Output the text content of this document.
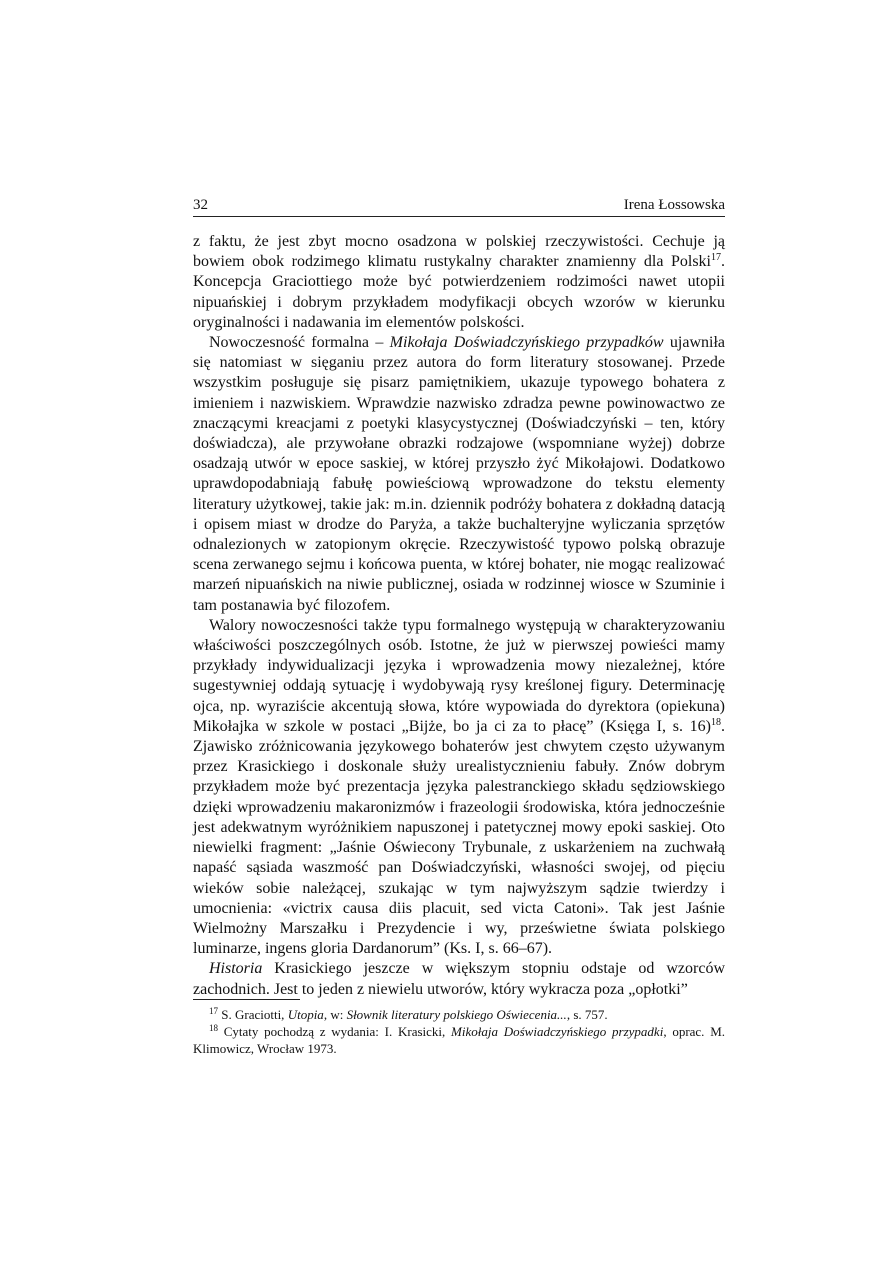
32	Irena Łossowska

z faktu, że jest zbyt mocno osadzona w polskiej rzeczywistości. Cechuje ją bowiem obok rodzimego klimatu rustykalny charakter znamienny dla Polski$^{17}$. Koncepcja Graciottiego może być potwierdzeniem rodzimości nawet utopii nipuańskiej i dobrym przykładem modyfikacji obcych wzorów w kierunku oryginalności i nadawania im elementów polskości.

Nowoczesność formalna – Mikołaja Doświadczyńskiego przypadków ujawniła się natomiast w sięganiu przez autora do form literatury stosowanej. Przede wszystkim posługuje się pisarz pamiętnikiem, ukazuje typowego bohatera z imieniem i nazwiskiem. Wprawdzie nazwisko zdradza pewne powinowactwo ze znaczącymi kreacjami z poetyki klasycystycznej (Doświadczyński – ten, który doświadcza), ale przywołane obrazki rodzajowe (wspomniane wyżej) dobrze osadzają utwór w epoce saskiej, w której przyszło żyć Mikołajowi. Dodatkowo uprawdopodabniają fabułę powieściową wprowadzone do tekstu elementy literatury użytkowej, takie jak: m.in. dziennik podróży bohatera z dokładną datacją i opisem miast w drodze do Paryża, a także buchalteryjne wyliczania sprzętów odnalezionych w zatopionym okręcie. Rzeczywistość typowo polską obrazuje scena zerwanego sejmu i końcowa puenta, w której bohater, nie mogąc realizować marzeń nipuańskich na niwie publicznej, osiada w rodzinnej wiosce w Szuminie i tam postanawia być filozofem.

Walory nowoczesności także typu formalnego występują w charakteryzowaniu właściwości poszczególnych osób. Istotne, że już w pierwszej powieści mamy przykłady indywidualizacji języka i wprowadzenia mowy niezależnej, które sugestywniej oddają sytuację i wydobywają rysy kreślonej figury. Determinację ojca, np. wyraziście akcentują słowa, które wypowiada do dyrektora (opiekuna) Mikołajka w szkole w postaci „Bijże, bo ja ci za to płacę” (Księga I, s. 16)$^{18}$. Zjawisko zróżnicowania językowego bohaterów jest chwytem często używanym przez Krasickiego i doskonale służy urealistycznieniu fabuły. Znów dobrym przykładem może być prezentacja języka palestranckiego składu sędziowskiego dzięki wprowadzeniu makaronizmów i frazeologii środowiska, która jednocześnie jest adekwatnym wyróżnikiem napuszonej i patetycznej mowy epoki saskiej. Oto niewielki fragment: „Jaśnie Oświecony Trybunale, z uskarżeniem na zuchwałą napaść sąsiada waszmość pan Doświadczyński, własności swojej, od pięciu wieków sobie należącej, szukając w tym najwyższym sądzie twierdzy i umocnienia: «victrix causa diis placuit, sed victa Catoni». Tak jest Jaśnie Wielmożny Marszałku i Prezydencie i wy, prześwietne świata polskiego luminarze, ingens gloria Dardanorum” (Ks. I, s. 66–67).

Historia Krasickiego jeszcze w większym stopniu odstaje od wzorców zachodnich. Jest to jeden z niewielu utworów, który wykracza poza „opłotki”

$^{17}$ S. Graciotti, Utopia, w: Słownik literatury polskiego Oświecenia..., s. 757.

$^{18}$ Cytaty pochodzą z wydania: I. Krasicki, Mikołaja Doświadczyńskiego przypadki, oprac. M. Klimowicz, Wrocław 1973.
